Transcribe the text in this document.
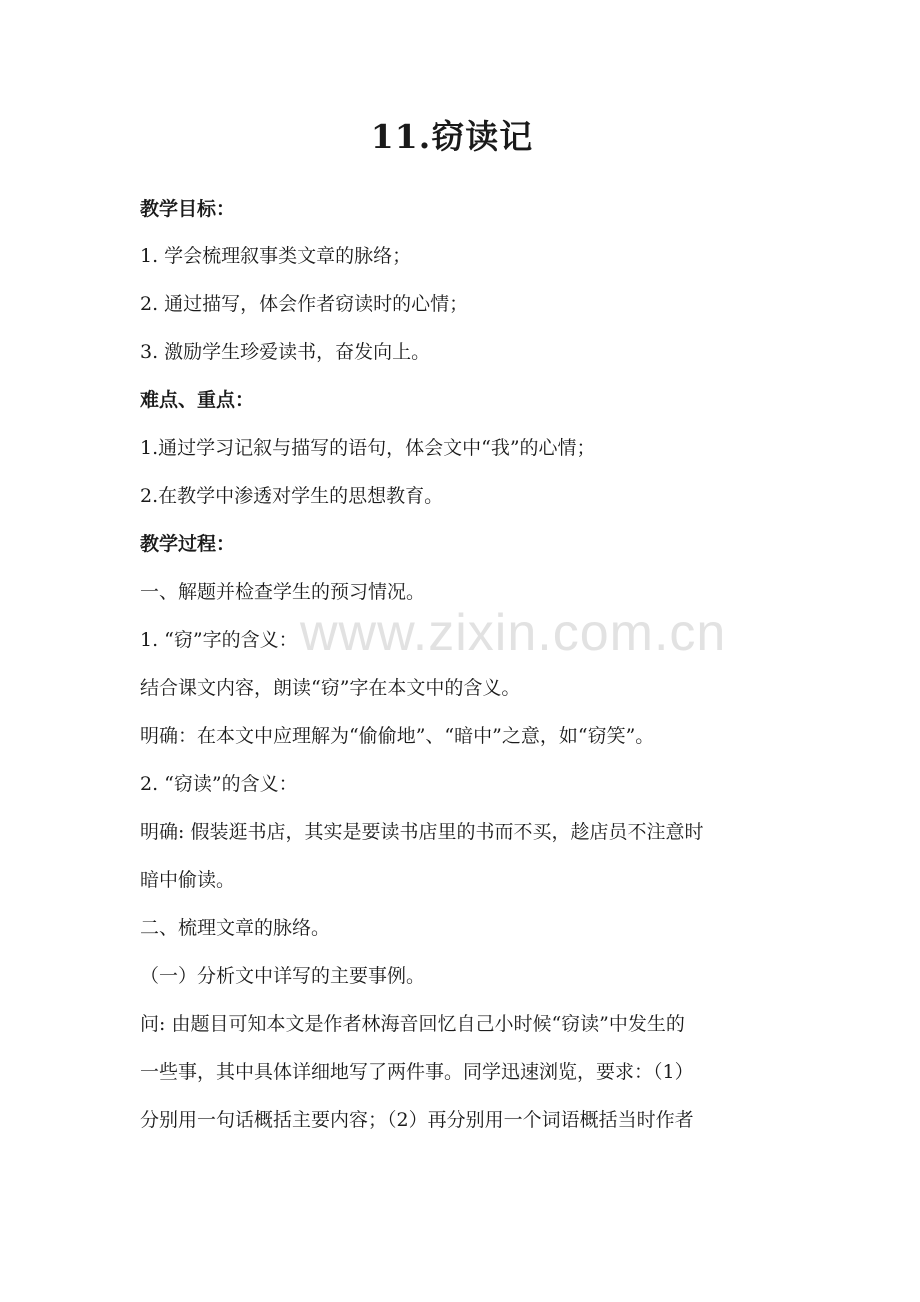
11.窃读记
www.zixin.com.cn
教学目标：
1. 学会梳理叙事类文章的脉络；
2. 通过描写，体会作者窃读时的心情；
3. 激励学生珍爱读书，奋发向上。
难点、重点：
1.通过学习记叙与描写的语句，体会文中“我”的心情；
2.在教学中渗透对学生的思想教育。
教学过程：
一、解题并检查学生的预习情况。
1. “窃”字的含义：
结合课文内容，朗读“窃”字在本文中的含义。
明确：在本文中应理解为“偷偷地”、“暗中”之意，如“窃笑”。
2. “窃读”的含义：
明确: 假装逛书店，其实是要读书店里的书而不买，趁店员不注意时
暗中偷读。
二、梳理文章的脉络。
（一）分析文中详写的主要事例。
问: 由题目可知本文是作者林海音回忆自己小时候“窃读”中发生的
一些事，其中具体详细地写了两件事。同学迅速浏览，要求：（1）
分别用一句话概括主要内容；（2）再分别用一个词语概括当时作者
